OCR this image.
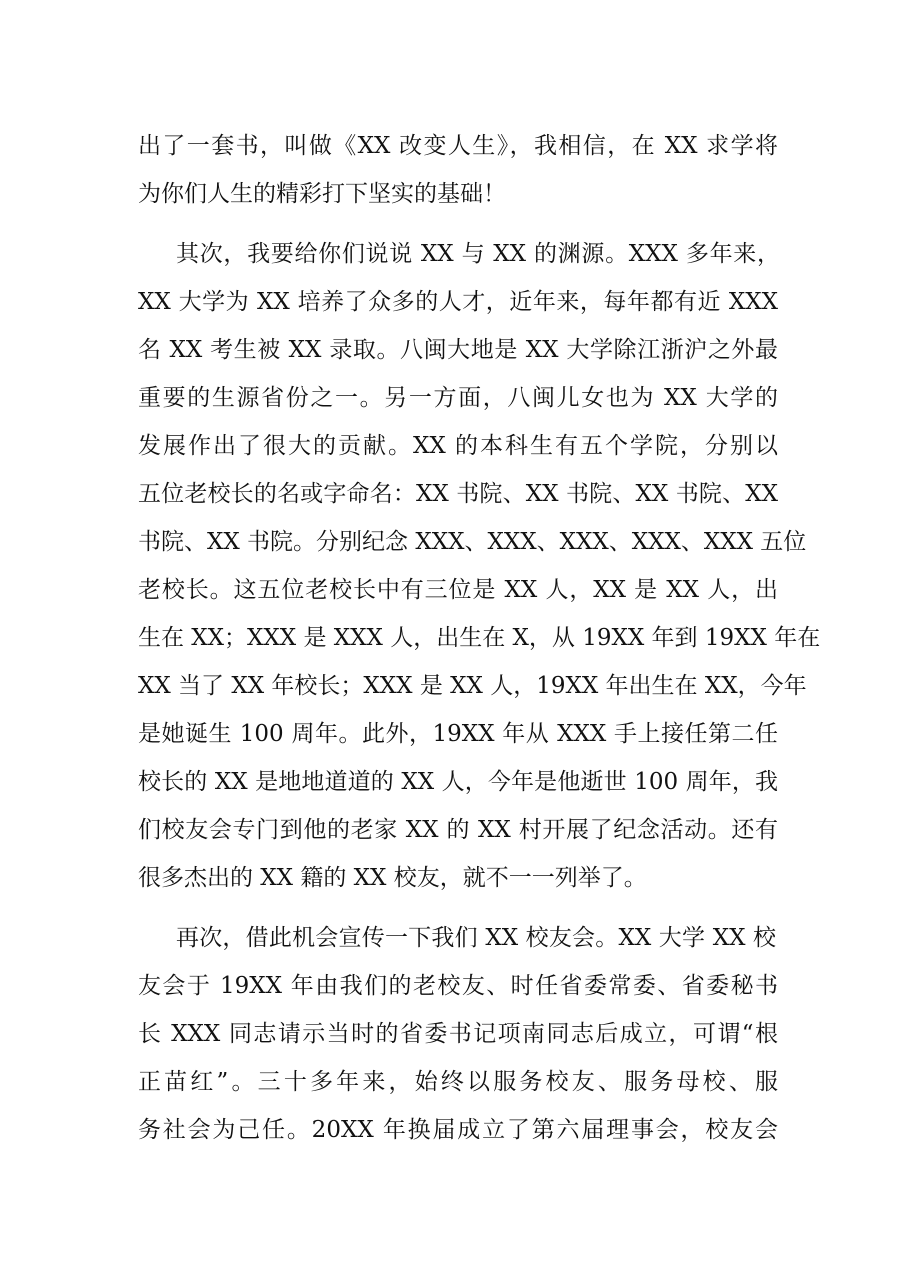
出了一套书，叫做《XX 改变人生》，我相信，在 XX 求学将
为你们人生的精彩打下坚实的基础！
其次，我要给你们说说 XX 与 XX 的渊源。XXX 多年来，
XX 大学为 XX 培养了众多的人才，近年来，每年都有近 XXX
名 XX 考生被 XX 录取。八闽大地是 XX 大学除江浙沪之外最
重要的生源省份之一。另一方面，八闽儿女也为 XX 大学的
发展作出了很大的贡献。XX 的本科生有五个学院，分别以
五位老校长的名或字命名：XX 书院、XX 书院、XX 书院、XX
书院、XX 书院。分别纪念 XXX、XXX、XXX、XXX、XXX 五位
老校长。这五位老校长中有三位是 XX 人，XX 是 XX 人，出
生在 XX；XXX 是 XXX 人，出生在 X，从 19XX 年到 19XX 年在
XX 当了 XX 年校长；XXX 是 XX 人，19XX 年出生在 XX，今年
是她诞生 100 周年。此外，19XX 年从 XXX 手上接任第二任
校长的 XX 是地地道道的 XX 人，今年是他逝世 100 周年，我
们校友会专门到他的老家 XX 的 XX 村开展了纪念活动。还有
很多杰出的 XX 籍的 XX 校友，就不一一列举了。
再次，借此机会宣传一下我们 XX 校友会。XX 大学 XX 校
友会于 19XX 年由我们的老校友、时任省委常委、省委秘书
长 XXX 同志请示当时的省委书记项南同志后成立，可谓“根
正苗红”。三十多年来，始终以服务校友、服务母校、服
务社会为己任。20XX 年换届成立了第六届理事会，校友会
